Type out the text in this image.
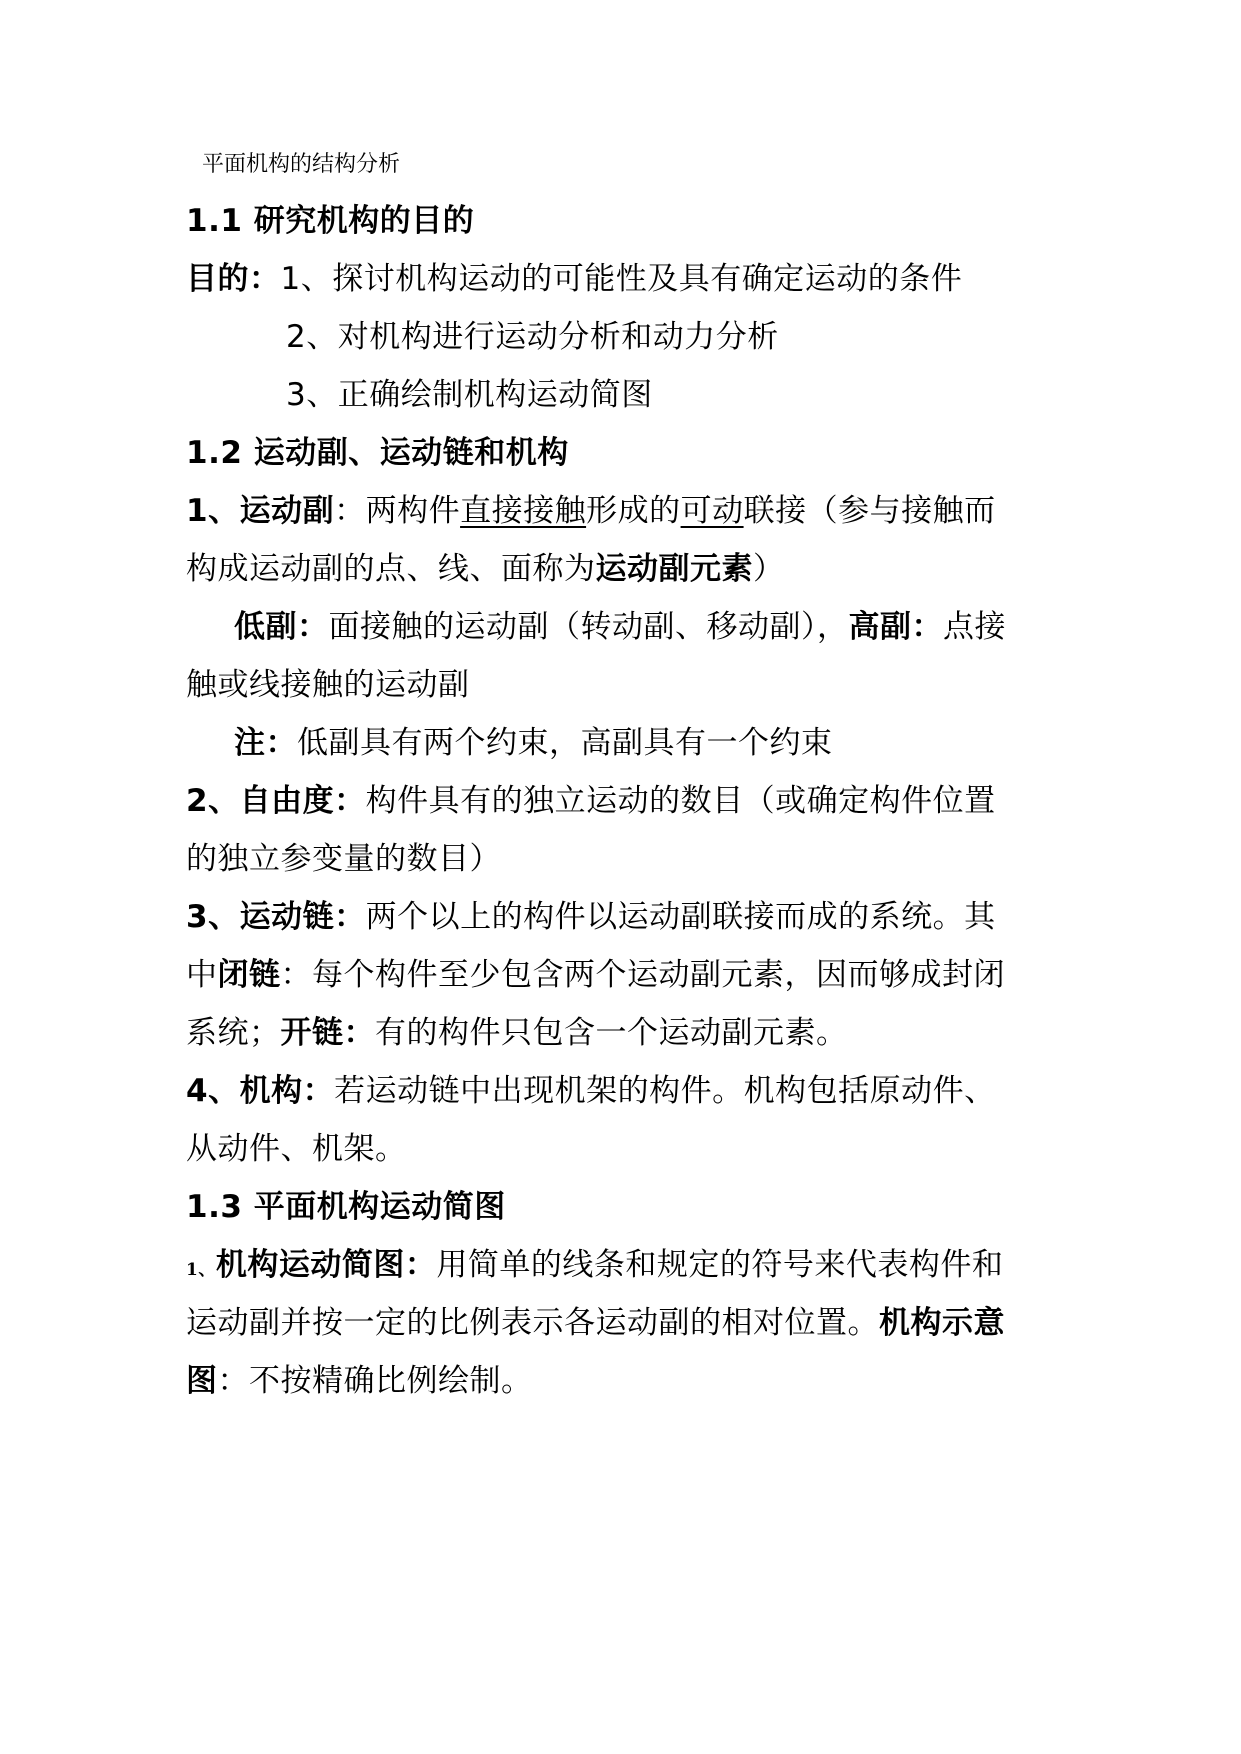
平面机构的结构分析
1.1 研究机构的目的
目的：1、探讨机构运动的可能性及具有确定运动的条件
2、对机构进行运动分析和动力分析
3、正确绘制机构运动简图
1.2 运动副、运动链和机构
1、运动副：两构件直接接触形成的可动联接（参与接触而
构成运动副的点、线、面称为运动副元素）
低副：面接触的运动副（转动副、移动副），高副：点接
触或线接触的运动副
注：低副具有两个约束，高副具有一个约束
2、自由度：构件具有的独立运动的数目（或确定构件位置
的独立参变量的数目）
3、运动链：两个以上的构件以运动副联接而成的系统。其
中闭链：每个构件至少包含两个运动副元素，因而够成封闭
系统；开链：有的构件只包含一个运动副元素。
4、机构：若运动链中出现机架的构件。机构包括原动件、
从动件、机架。
1.3 平面机构运动简图
1、机构运动简图：用简单的线条和规定的符号来代表构件和
运动副并按一定的比例表示各运动副的相对位置。机构示意
图：不按精确比例绘制。
